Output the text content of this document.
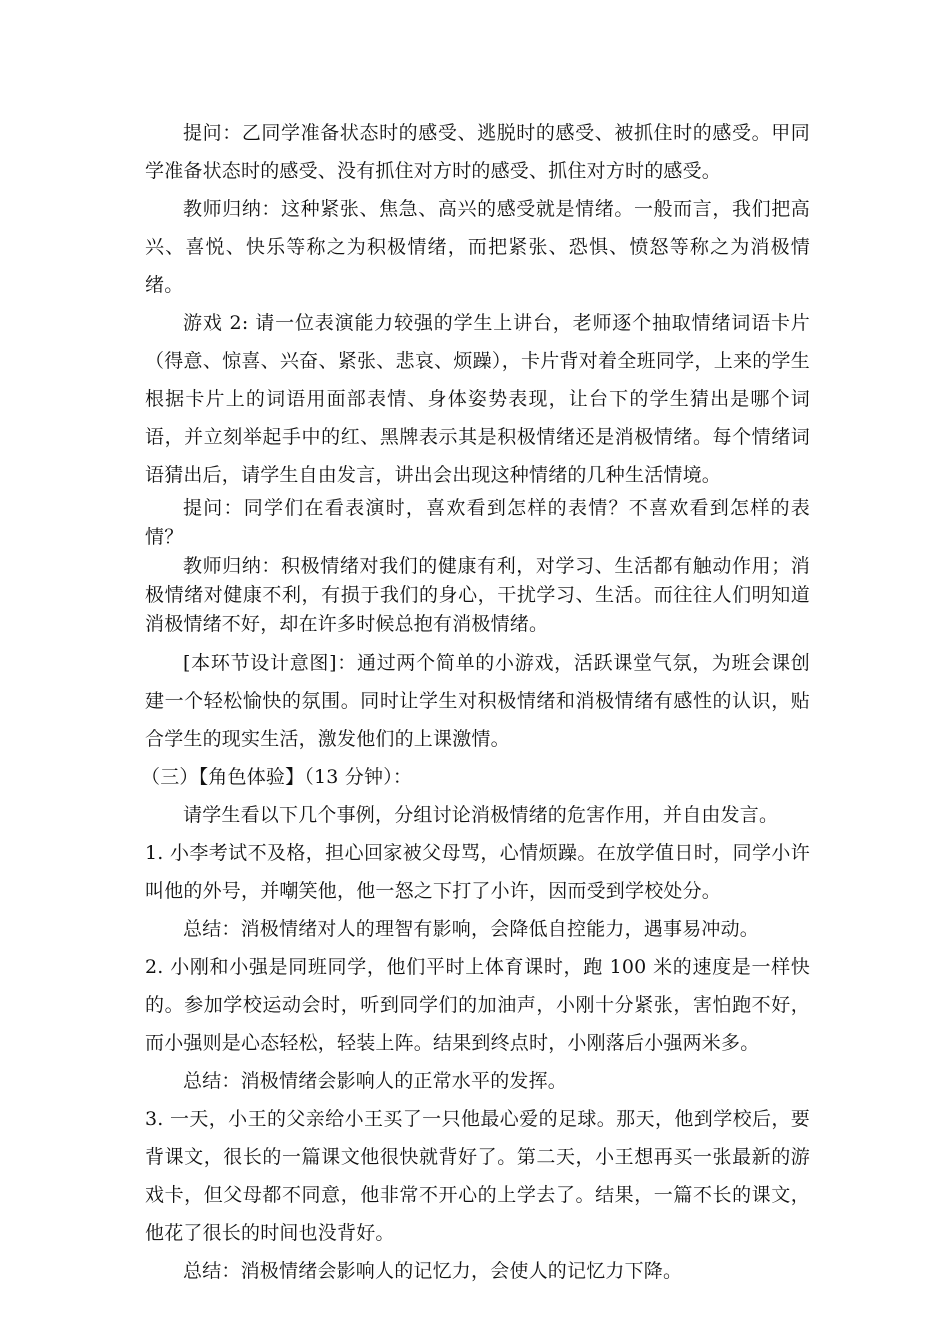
提问：乙同学准备状态时的感受、逃脱时的感受、被抓住时的感受。甲同学准备状态时的感受、没有抓住对方时的感受、抓住对方时的感受。

教师归纳：这种紧张、焦急、高兴的感受就是情绪。一般而言，我们把高兴、喜悦、快乐等称之为积极情绪，而把紧张、恐惧、愤怒等称之为消极情绪。

游戏 2: 请一位表演能力较强的学生上讲台，老师逐个抽取情绪词语卡片（得意、惊喜、兴奋、紧张、悲哀、烦躁），卡片背对着全班同学，上来的学生根据卡片上的词语用面部表情、身体姿势表现，让台下的学生猜出是哪个词语，并立刻举起手中的红、黑牌表示其是积极情绪还是消极情绪。每个情绪词语猜出后，请学生自由发言，讲出会出现这种情绪的几种生活情境。

提问：同学们在看表演时，喜欢看到怎样的表情？不喜欢看到怎样的表情？

教师归纳：积极情绪对我们的健康有利，对学习、生活都有触动作用；消极情绪对健康不利，有损于我们的身心，干扰学习、生活。而往往人们明知道消极情绪不好，却在许多时候总抱有消极情绪。

[本环节设计意图]：通过两个简单的小游戏，活跃课堂气氛，为班会课创建一个轻松愉快的氛围。同时让学生对积极情绪和消极情绪有感性的认识，贴合学生的现实生活，激发他们的上课激情。

（三）【角色体验】（13 分钟）：

请学生看以下几个事例，分组讨论消极情绪的危害作用，并自由发言。

1. 小李考试不及格，担心回家被父母骂，心情烦躁。在放学值日时，同学小许叫他的外号，并嘲笑他，他一怒之下打了小许，因而受到学校处分。

总结：消极情绪对人的理智有影响，会降低自控能力，遇事易冲动。

2. 小刚和小强是同班同学，他们平时上体育课时，跑 100 米的速度是一样快的。参加学校运动会时，听到同学们的加油声，小刚十分紧张，害怕跑不好，而小强则是心态轻松，轻装上阵。结果到终点时，小刚落后小强两米多。

总结：消极情绪会影响人的正常水平的发挥。

3. 一天，小王的父亲给小王买了一只他最心爱的足球。那天，他到学校后，要背课文，很长的一篇课文他很快就背好了。第二天，小王想再买一张最新的游戏卡，但父母都不同意，他非常不开心的上学去了。结果，一篇不长的课文，他花了很长的时间也没背好。

总结：消极情绪会影响人的记忆力，会使人的记忆力下降。
